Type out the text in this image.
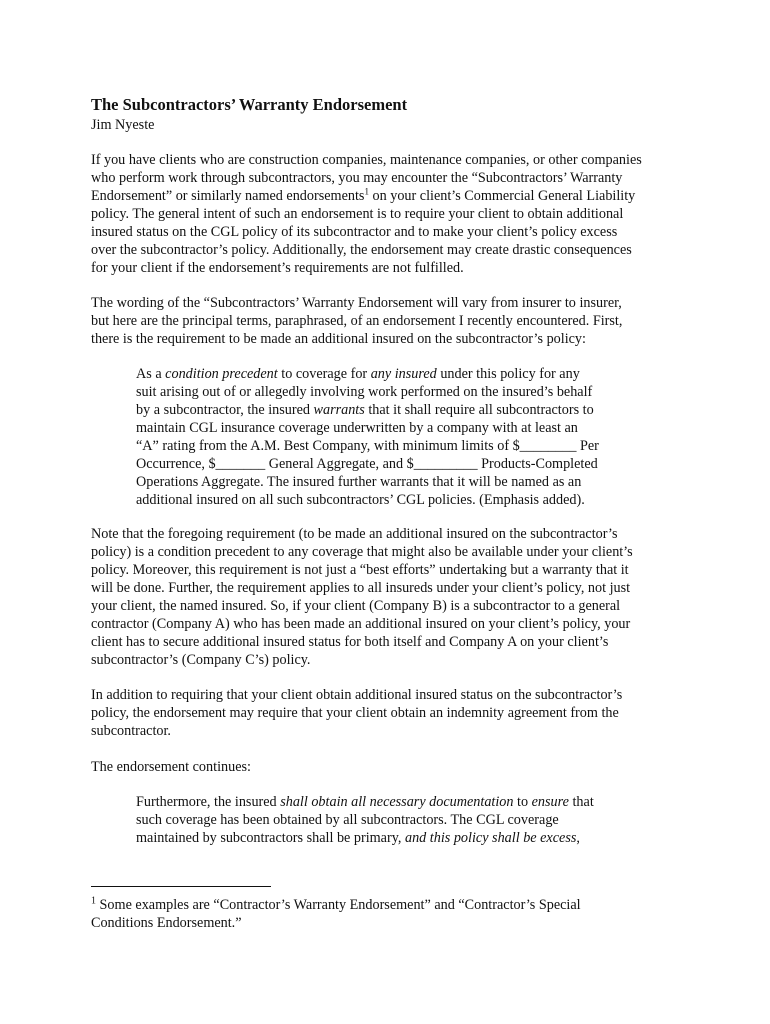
The Subcontractors’ Warranty Endorsement
Jim Nyeste

If you have clients who are construction companies, maintenance companies, or other companies
who perform work through subcontractors, you may encounter the “Subcontractors’ Warranty
Endorsement” or similarly named endorsements$^1$ on your client’s Commercial General Liability
policy. The general intent of such an endorsement is to require your client to obtain additional
insured status on the CGL policy of its subcontractor and to make your client’s policy excess
over the subcontractor’s policy. Additionally, the endorsement may create drastic consequences
for your client if the endorsement’s requirements are not fulfilled.

The wording of the “Subcontractors’ Warranty Endorsement will vary from insurer to insurer,
but here are the principal terms, paraphrased, of an endorsement I recently encountered. First,
there is the requirement to be made an additional insured on the subcontractor’s policy:

As a condition precedent to coverage for any insured under this policy for any
suit arising out of or allegedly involving work performed on the insured’s behalf
by a subcontractor, the insured warrants that it shall require all subcontractors to
maintain CGL insurance coverage underwritten by a company with at least an
“A” rating from the A.M. Best Company, with minimum limits of $________ Per
Occurrence, $_______ General Aggregate, and $_________ Products-Completed
Operations Aggregate. The insured further warrants that it will be named as an
additional insured on all such subcontractors’ CGL policies. (Emphasis added).

Note that the foregoing requirement (to be made an additional insured on the subcontractor’s
policy) is a condition precedent to any coverage that might also be available under your client’s
policy. Moreover, this requirement is not just a “best efforts” undertaking but a warranty that it
will be done. Further, the requirement applies to all insureds under your client’s policy, not just
your client, the named insured. So, if your client (Company B) is a subcontractor to a general
contractor (Company A) who has been made an additional insured on your client’s policy, your
client has to secure additional insured status for both itself and Company A on your client’s
subcontractor’s (Company C’s) policy.

In addition to requiring that your client obtain additional insured status on the subcontractor’s
policy, the endorsement may require that your client obtain an indemnity agreement from the
subcontractor.

The endorsement continues:

Furthermore, the insured shall obtain all necessary documentation to ensure that
such coverage has been obtained by all subcontractors. The CGL coverage
maintained by subcontractors shall be primary, and this policy shall be excess,

$^1$ Some examples are “Contractor’s Warranty Endorsement” and “Contractor’s Special
Conditions Endorsement.”
